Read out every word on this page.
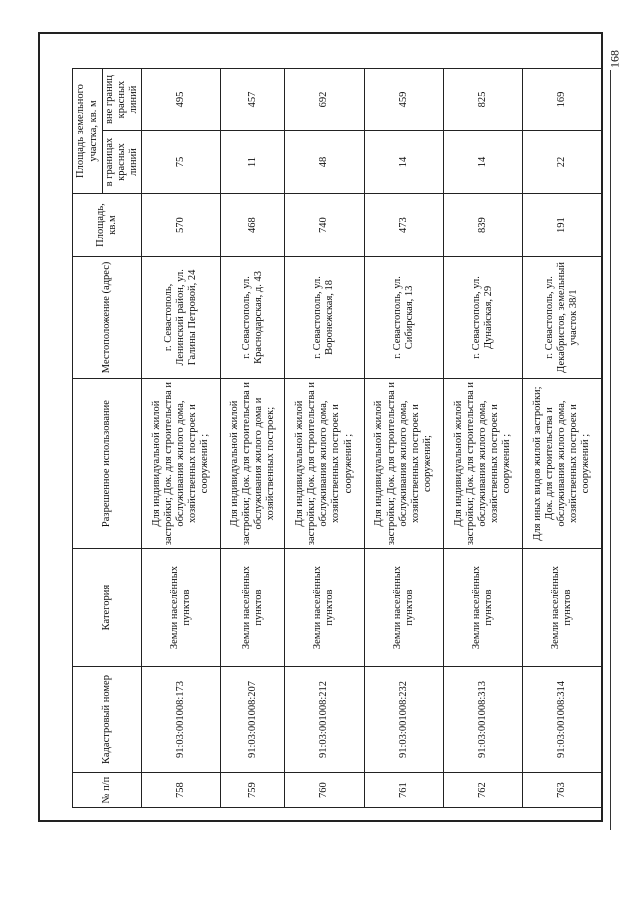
168
№ п/п	Кадастровый номер	Категория	Разрешенное использование	Местоположение (адрес)	Площадь, кв.м	Площадь земельного участка, кв. м	
						в границах красных линий	вне границ красных линий
758	91:03:001008:173	Земли населённых пунктов	Для индивидуальной жилой застройки; Док. для строительства и обслуживания жилого дома, хозяйственных построек и сооружений ;	г. Севастополь, Ленинский район, ул. Галины Петровой, 24	570	75	495
759	91:03:001008:207	Земли населённых пунктов	Для индивидуальной жилой застройки; Док. для строительства и обслуживания жилого дома и хозяйственных построек;	г. Севастополь, ул. Краснодарская, д. 43	468	11	457
760	91:03:001008:212	Земли населённых пунктов	Для индивидуальной жилой застройки; Док. для строительства и обслуживания жилого дома, хозяйственных построек и сооружений ;	г. Севастополь, ул. Воронежская, 18	740	48	692
761	91:03:001008:232	Земли населённых пунктов	Для индивидуальной жилой застройки; Док. для строительства и обслуживания жилого дома, хозяйственных построек и сооружений;	г. Севастополь, ул. Сибирская, 13	473	14	459
762	91:03:001008:313	Земли населённых пунктов	Для индивидуальной жилой застройки; Док. для строительства и обслуживания жилого дома, хозяйственных построек и сооружений ;	г. Севастополь, ул. Дунайская, 29	839	14	825
763	91:03:001008:314	Земли населённых пунктов	Для иных видов жилой застройки; Док. для строительства и обслуживания жилого дома, хозяйственных построек и сооружений ;	г. Севастополь, ул. Декабристов, земельный участок 38/1	191	22	169
